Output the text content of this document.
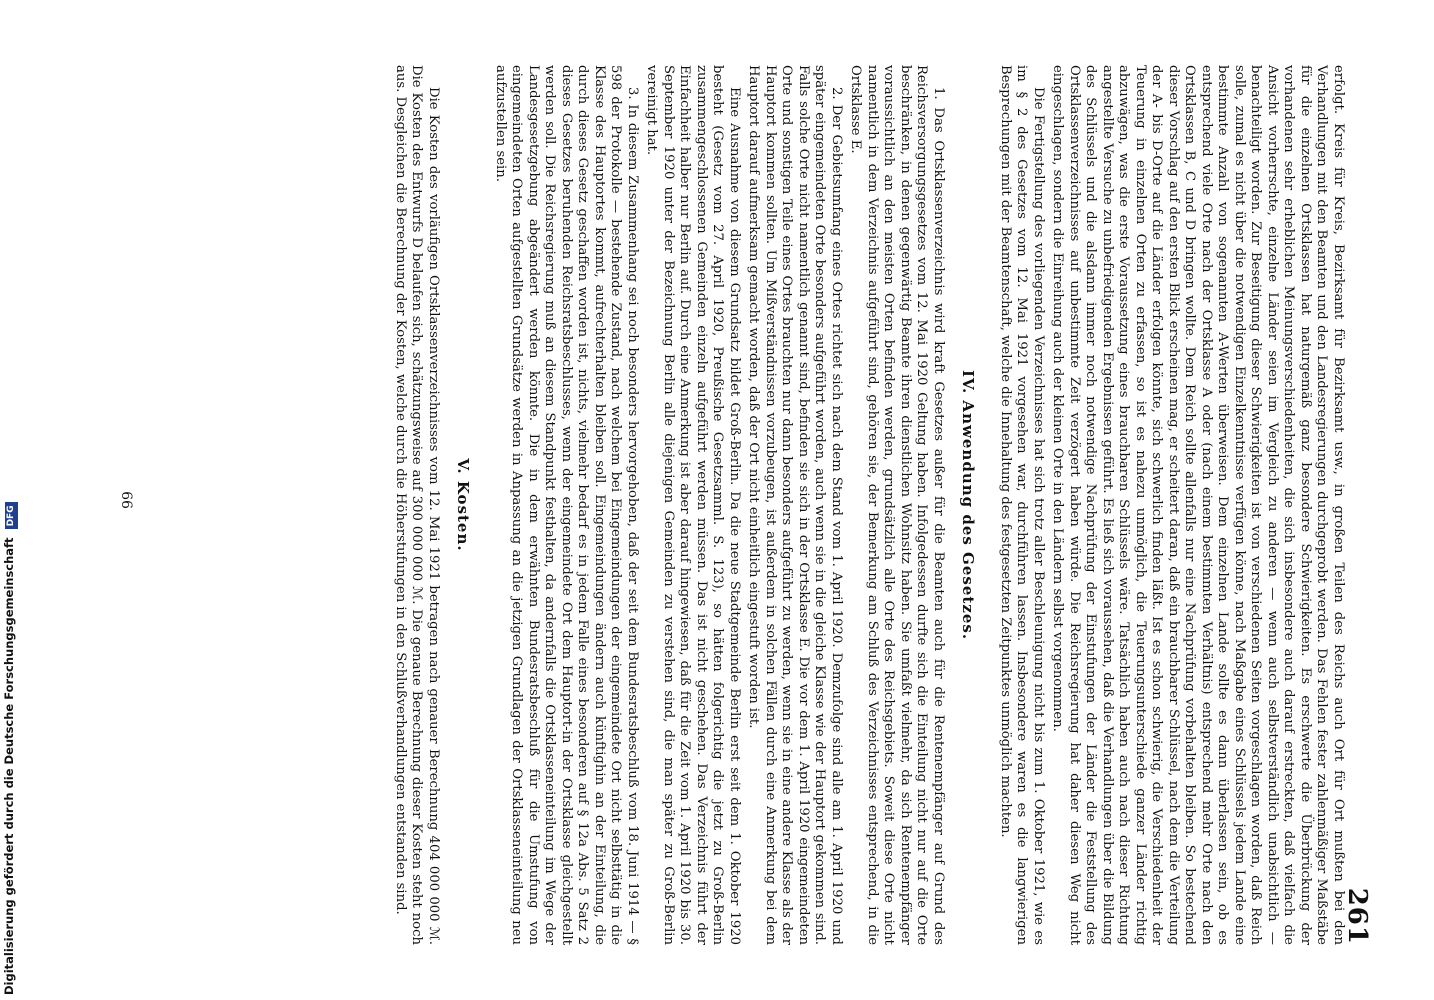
261

erfolgt. Kreis für Kreis, Bezirksamt für Bezirksamt usw., in großen Teilen des Reichs auch Ort für Ort mußten bei den Verhandlungen mit den Beamten und den Landesregierungen durchgeprobt werden. Das Fehlen fester zahlenmäßiger Maßstäbe für die einzelnen Ortsklassen hat naturgemäß ganz besondere Schwierigkeiten. Es erschwerte die Überbrückung der vorhandenen sehr erheblichen Meinungsverschiedenheiten, die sich insbesondere auch darauf erstreckten, daß vielfach die Ansicht vorherrschte, einzelne Länder seien im Vergleich zu anderen — wenn auch selbstverständlich unabsichtlich — benachteiligt worden. Zur Beseitigung dieser Schwierigkeiten ist von verschiedenen Seiten vorgeschlagen worden, daß Reich solle, zumal es nicht über die notwendigen Einzelkenntnisse verfügen könne, nach Maßgabe eines Schlüssels jedem Lande eine bestimmte Anzahl von sogenannten A-Werten überweisen. Dem einzelnen Lande sollte es dann überlassen sein, ob es entsprechend viele Orte nach der Ortsklasse A oder (nach einem bestimmten Verhältnis) entsprechend mehr Orte nach den Ortsklassen B, C und D bringen wollte. Dem Reich sollte allenfalls nur eine Nachprüfung vorbehalten bleiben. So bestechend dieser Vorschlag auf den ersten Blick erscheinen mag, er scheitert daran, daß ein brauchbarer Schlüssel, nach dem die Verteilung der A- bis D-Orte auf die Länder erfolgen könnte, sich schwerlich finden läßt. Ist es schon schwierig, die Verschiedenheit der Teuerung in einzelnen Orten zu erfassen, so ist es nahezu unmöglich, die Teuerungsunterschiede ganzer Länder richtig abzuwägen, was die erste Voraussetzung eines brauchbaren Schlüssels wäre. Tatsächlich haben auch nach dieser Richtung angestellte Versuche zu unbefriedigenden Ergebnissen geführt. Es ließ sich voraussehen, daß die Verhandlungen über die Bildung des Schlüssels und die alsdann immer noch notwendige Nachprüfung der Einstufungen der Länder die Feststellung des Ortsklassenverzeichnisses auf unbestimmte Zeit verzögert haben würde. Die Reichsregierung hat daher diesen Weg nicht eingeschlagen, sondern die Einreihung auch der kleinen Orte in den Ländern selbst vorgenommen.

Die Fertigstellung des vorliegenden Verzeichnisses hat sich trotz aller Beschleunigung nicht bis zum 1. Oktober 1921, wie es im § 2 des Gesetzes vom 12. Mai 1921 vorgesehen war, durchführen lassen. Insbesondere waren es die langwierigen Besprechungen mit der Beamtenschaft, welche die Innehaltung des festgesetzten Zeitpunktes unmöglich machten.

IV. Anwendung des Gesetzes.

1. Das Ortsklassenverzeichnis wird kraft Gesetzes außer für die Beamten auch für die Rentenempfänger auf Grund des Reichsversorgungsgesetzes vom 12. Mai 1920 Geltung haben. Infolgedessen durfte sich die Einteilung nicht nur auf die Orte beschränken, in denen gegenwärtig Beamte ihren dienstlichen Wohnsitz haben. Sie umfaßt vielmehr, da sich Rentenempfänger voraussichtlich an den meisten Orten befinden werden, grundsätzlich alle Orte des Reichsgebiets. Soweit diese Orte nicht namentlich in dem Verzeichnis aufgeführt sind, gehören sie, der Bemerkung am Schluß des Verzeichnisses entsprechend, in die Ortsklasse E.

2. Der Gebietsumfang eines Ortes richtet sich nach dem Stand vom 1. April 1920. Demzufolge sind alle am 1. April 1920 und später eingemeindeten Orte besonders aufgeführt worden, auch wenn sie in die gleiche Klasse wie der Hauptort gekommen sind. Falls solche Orte nicht namentlich genannt sind, befinden sie sich in der Ortsklasse E. Die vor dem 1. April 1920 eingemeindeten Orte und sonstigen Teile eines Ortes brauchten nur dann besonders aufgeführt zu werden, wenn sie in eine andere Klasse als der Hauptort kommen sollten. Um Mißverständnissen vorzubeugen, ist außerdem in solchen Fällen durch eine Anmerkung bei dem Hauptort darauf aufmerksam gemacht worden, daß der Ort nicht einheitlich eingestuft worden ist.

Eine Ausnahme von diesem Grundsatz bildet Groß-Berlin. Da die neue Stadtgemeinde Berlin erst seit dem 1. Oktober 1920 besteht (Gesetz vom 27. April 1920, Preußische Gesetzsamml. S. 123), so hätten folgerichtig die jetzt zu Groß-Berlin zusammengeschlossenen Gemeinden einzeln aufgeführt werden müssen. Das ist nicht geschehen. Das Verzeichnis führt der Einfachheit halber nur Berlin auf. Durch eine Anmerkung ist aber darauf hingewiesen, daß für die Zeit vom 1. April 1920 bis 30. September 1920 unter der Bezeichnung Berlin alle diejenigen Gemeinden zu verstehen sind, die man später zu Groß-Berlin vereinigt hat.

3. In diesem Zusammenhang sei noch besonders hervorgehoben, daß der seit dem Bundesratsbeschluß vom 18. Juni 1914 — § 598 der Protokolle — bestehende Zustand, nach welchem bei Eingemeindungen der eingemeindete Ort nicht selbsttätig in die Klasse des Hauptortes kommt, aufrechterhalten bleiben soll. Eingemeindungen ändern auch künftighin an der Einteilung, die durch dieses Gesetz geschaffen worden ist, nichts, vielmehr bedarf es in jedem Falle eines besonderen auf § 12a Abs. 5 Satz 2 dieses Gesetzes beruhenden Reichsratsbeschlusses, wenn der eingemeindete Ort dem Hauptort-in der Ortsklasse gleichgestellt werden soll. Die Reichsregierung muß an diesem Standpunkt festhalten, da andernfalls die Ortsklasseneinteilung im Wege der Landesgesetzgebung abgeändert werden könnte. Die in dem erwähnten Bundesratsbeschluß für die Umstufung von eingemeindeten Orten aufgestellten Grundsätze werden in Anpassung an die jetzigen Grundlagen der Ortsklasseneinteilung neu aufzustellen sein.

V. Kosten.

Die Kosten des vorläufigen Ortsklassenverzeichnisses vom 12. Mai 1921 betragen nach genauer Berechnung 404 000 000 ℳ. Die Kosten des Entwurfs D belaufen sich, schätzungsweise auf 300 000 000 ℳ. Die genaue Berechnung dieser Kosten steht noch aus. Desgleichen die Berechnung der Kosten, welche durch die Höherstufungen in den Schlußverhandlungen entstanden sind.

66
Digitalisierung gefördert durch die Deutsche Forschungsgemeinschaft DFG
